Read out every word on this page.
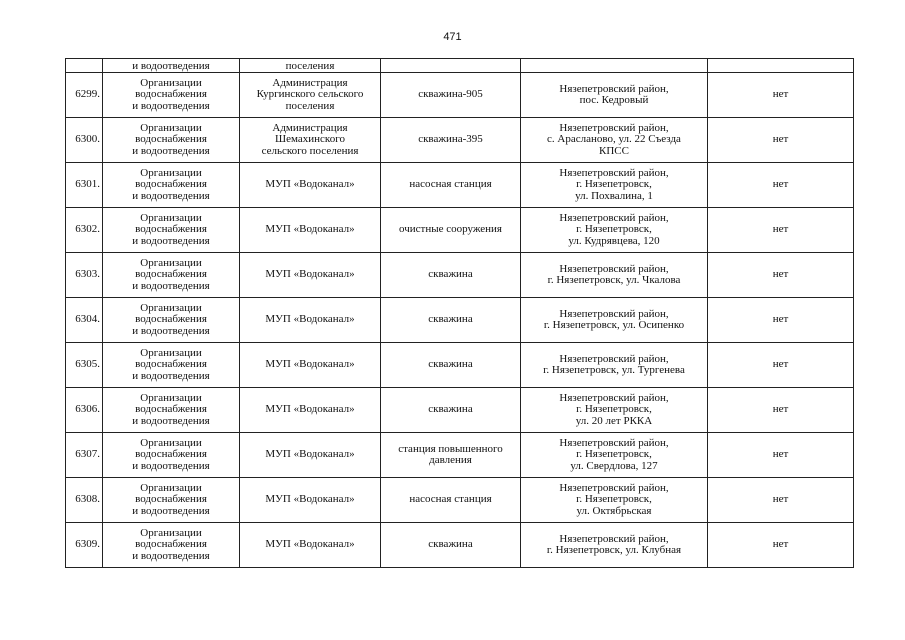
471
	и водоотведения	поселения			
6299.	Организации
водоснабжения
и водоотведения	Администрация
Кургинского сельского
поселения	скважина-905	Нязепетровский район,
пос. Кедровый	нет
6300.	Организации
водоснабжения
и водоотведения	Администрация
Шемахинского
сельского поселения	скважина-395	Нязепетровский район,
с. Арасланово, ул. 22 Съезда
КПСС	нет
6301.	Организации
водоснабжения
и водоотведения	МУП «Водоканал»	насосная станция	Нязепетровский район,
г. Нязепетровск,
ул. Похвалина, 1	нет
6302.	Организации
водоснабжения
и водоотведения	МУП «Водоканал»	очистные сооружения	Нязепетровский район,
г. Нязепетровск,
ул. Кудрявцева, 120	нет
6303.	Организации
водоснабжения
и водоотведения	МУП «Водоканал»	скважина	Нязепетровский район,
г. Нязепетровск, ул. Чкалова	нет
6304.	Организации
водоснабжения
и водоотведения	МУП «Водоканал»	скважина	Нязепетровский район,
г. Нязепетровск, ул. Осипенко	нет
6305.	Организации
водоснабжения
и водоотведения	МУП «Водоканал»	скважина	Нязепетровский район,
г. Нязепетровск, ул. Тургенева	нет
6306.	Организации
водоснабжения
и водоотведения	МУП «Водоканал»	скважина	Нязепетровский район,
г. Нязепетровск,
ул. 20 лет РККА	нет
6307.	Организации
водоснабжения
и водоотведения	МУП «Водоканал»	станция повышенного
давления	Нязепетровский район,
г. Нязепетровск,
ул. Свердлова, 127	нет
6308.	Организации
водоснабжения
и водоотведения	МУП «Водоканал»	насосная станция	Нязепетровский район,
г. Нязепетровск,
ул. Октябрьская	нет
6309.	Организации
водоснабжения
и водоотведения	МУП «Водоканал»	скважина	Нязепетровский район,
г. Нязепетровск, ул. Клубная	нет
